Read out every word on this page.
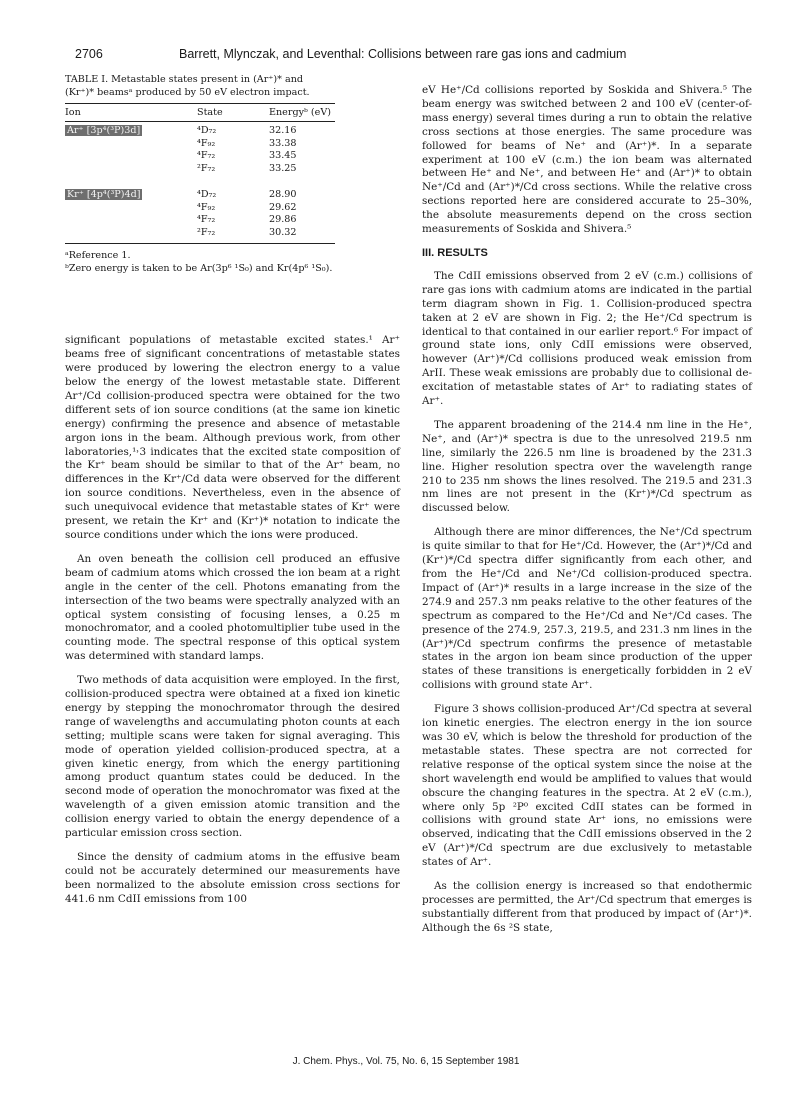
2706	Barrett, Mlynczak, and Leventhal: Collisions between rare gas ions and cadmium
TABLE I. Metastable states present in (Ar⁺)* and (Kr⁺)* beamsᵃ produced by 50 eV electron impact.
Ion	State	Energyᵇ (eV)
Ar⁺ [3p⁴(³P)3d]	⁴D₇₂	32.16
	⁴F₉₂	33.38
	⁴F₇₂	33.45
	²F₇₂	33.25

Kr⁺ [4p⁴(³P)4d]	⁴D₇₂	28.90
	⁴F₉₂	29.62
	⁴F₇₂	29.86
	²F₇₂	30.32
ᵃReference 1.
ᵇZero energy is taken to be Ar(3p⁶ ¹S₀) and Kr(4p⁶ ¹S₀).

significant populations of metastable excited states.¹ Ar⁺ beams free of significant concentrations of metastable states were produced by lowering the electron energy to a value below the energy of the lowest metastable state. Different Ar⁺/Cd collision-produced spectra were obtained for the two different sets of ion source conditions (at the same ion kinetic energy) confirming the presence and absence of metastable argon ions in the beam. Although previous work, from other laboratories,¹˒3 indicates that the excited state composition of the Kr⁺ beam should be similar to that of the Ar⁺ beam, no differences in the Kr⁺/Cd data were observed for the different ion source conditions. Nevertheless, even in the absence of such unequivocal evidence that metastable states of Kr⁺ were present, we retain the Kr⁺ and (Kr⁺)* notation to indicate the source conditions under which the ions were produced.

An oven beneath the collision cell produced an effusive beam of cadmium atoms which crossed the ion beam at a right angle in the center of the cell. Photons emanating from the intersection of the two beams were spectrally analyzed with an optical system consisting of focusing lenses, a 0.25 m monochromator, and a cooled photomultiplier tube used in the counting mode. The spectral response of this optical system was determined with standard lamps.

Two methods of data acquisition were employed. In the first, collision-produced spectra were obtained at a fixed ion kinetic energy by stepping the monochromator through the desired range of wavelengths and accumulating photon counts at each setting; multiple scans were taken for signal averaging. This mode of operation yielded collision-produced spectra, at a given kinetic energy, from which the energy partitioning among product quantum states could be deduced. In the second mode of operation the monochromator was fixed at the wavelength of a given emission atomic transition and the collision energy varied to obtain the energy dependence of a particular emission cross section.

Since the density of cadmium atoms in the effusive beam could not be accurately determined our measurements have been normalized to the absolute emission cross sections for 441.6 nm CdII emissions from 100

eV He⁺/Cd collisions reported by Soskida and Shivera.⁵ The beam energy was switched between 2 and 100 eV (center-of-mass energy) several times during a run to obtain the relative cross sections at those energies. The same procedure was followed for beams of Ne⁺ and (Ar⁺)*. In a separate experiment at 100 eV (c.m.) the ion beam was alternated between He⁺ and Ne⁺, and between He⁺ and (Ar⁺)* to obtain Ne⁺/Cd and (Ar⁺)*/Cd cross sections. While the relative cross sections reported here are considered accurate to 25–30%, the absolute measurements depend on the cross section measurements of Soskida and Shivera.⁵

III. RESULTS

The CdII emissions observed from 2 eV (c.m.) collisions of rare gas ions with cadmium atoms are indicated in the partial term diagram shown in Fig. 1. Collision-produced spectra taken at 2 eV are shown in Fig. 2; the He⁺/Cd spectrum is identical to that contained in our earlier report.⁶ For impact of ground state ions, only CdII emissions were observed, however (Ar⁺)*/Cd collisions produced weak emission from ArII. These weak emissions are probably due to collisional de-excitation of metastable states of Ar⁺ to radiating states of Ar⁺.

The apparent broadening of the 214.4 nm line in the He⁺, Ne⁺, and (Ar⁺)* spectra is due to the unresolved 219.5 nm line, similarly the 226.5 nm line is broadened by the 231.3 line. Higher resolution spectra over the wavelength range 210 to 235 nm shows the lines resolved. The 219.5 and 231.3 nm lines are not present in the (Kr⁺)*/Cd spectrum as discussed below.

Although there are minor differences, the Ne⁺/Cd spectrum is quite similar to that for He⁺/Cd. However, the (Ar⁺)*/Cd and (Kr⁺)*/Cd spectra differ significantly from each other, and from the He⁺/Cd and Ne⁺/Cd collision-produced spectra. Impact of (Ar⁺)* results in a large increase in the size of the 274.9 and 257.3 nm peaks relative to the other features of the spectrum as compared to the He⁺/Cd and Ne⁺/Cd cases. The presence of the 274.9, 257.3, 219.5, and 231.3 nm lines in the (Ar⁺)*/Cd spectrum confirms the presence of metastable states in the argon ion beam since production of the upper states of these transitions is energetically forbidden in 2 eV collisions with ground state Ar⁺.

Figure 3 shows collision-produced Ar⁺/Cd spectra at several ion kinetic energies. The electron energy in the ion source was 30 eV, which is below the threshold for production of the metastable states. These spectra are not corrected for relative response of the optical system since the noise at the short wavelength end would be amplified to values that would obscure the changing features in the spectra. At 2 eV (c.m.), where only 5p ²P⁰ excited CdII states can be formed in collisions with ground state Ar⁺ ions, no emissions were observed, indicating that the CdII emissions observed in the 2 eV (Ar⁺)*/Cd spectrum are due exclusively to metastable states of Ar⁺.

As the collision energy is increased so that endothermic processes are permitted, the Ar⁺/Cd spectrum that emerges is substantially different from that produced by impact of (Ar⁺)*. Although the 6s ²S state,

J. Chem. Phys., Vol. 75, No. 6, 15 September 1981
